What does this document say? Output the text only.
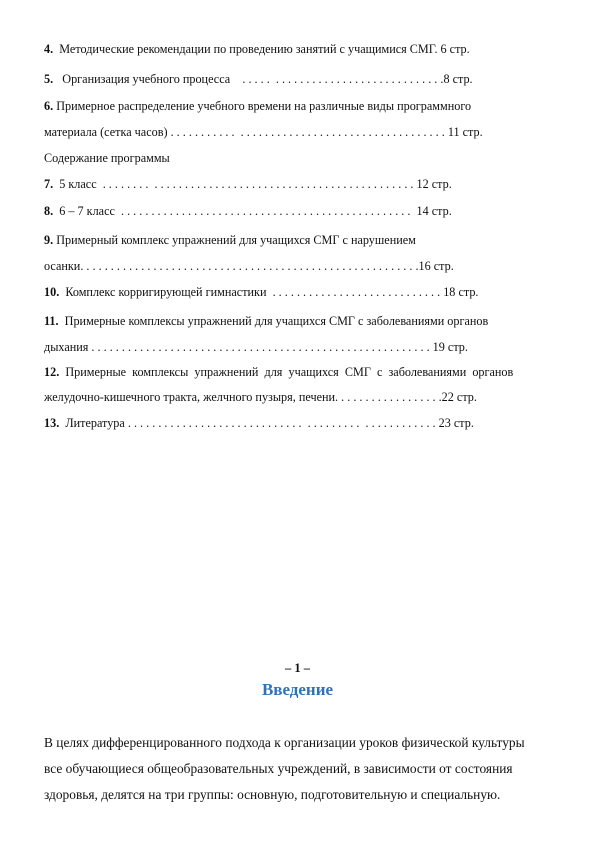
4.  Методические рекомендации по проведению занятий с учащимися СМГ. 6 стр.
5.   Организация учебного процесса    . . . . .  . . . . . . . . . . . . . . . . . . . . . . . . . . . .8 стр.
6. Примерное распределение учебного времени на различные виды программного
материала (сетка часов) . . . . . . . . . . .  . . . . . . . . . . . . . . . . . . . . . . . . . . . . . . . . . . 11 стр.
Содержание программы
7.  5 класс  . . . . . . . .  . . . . . . . . . . . . . . . . . . . . . . . . . . . . . . . . . . . . . . . . . . . 12 стр.
8.  6 – 7 класс  . . . . . . . . . . . . . . . . . . . . . . . . . . . . . . . . . . . . . . . . . . . . . . . .  14 стр.
9. Примерный комплекс упражнений для учащихся СМГ с нарушением
осанки. . . . . . . . . . . . . . . . . . . . . . . . . . . . . . . . . . . . . . . . . . . . . . . . . . . . . . . .16 стр.
10.  Комплекс корригирующей гимнастики  . . . . . . . . . . . . . . . . . . . . . . . . . . . . 18 стр.
11.  Примерные комплексы упражнений для учащихся СМГ с заболеваниями органов
дыхания . . . . . . . . . . . . . . . . . . . . . . . . . . . . . . . . . . . . . . . . . . . . . . . . . . . . . . . . 19 стр.
12.  Примерные  комплексы  упражнений  для  учащихся  СМГ  с  заболеваниями  органов
желудочно-кишечного тракта, желчного пузыря, печени. . . . . . . . . . . . . . . . . .22 стр.
13.  Литература . . . . . . . . . . . . . . . . . . . . . . . . . . . . .  . . . . . . . . .  . . . . . . . . . . . . 23 стр.
– 1 –
Введение
В целях дифференцированного подхода к организации уроков физической культуры
все обучающиеся общеобразовательных учреждений, в зависимости от состояния
здоровья, делятся на три группы: основную, подготовительную и специальную.
